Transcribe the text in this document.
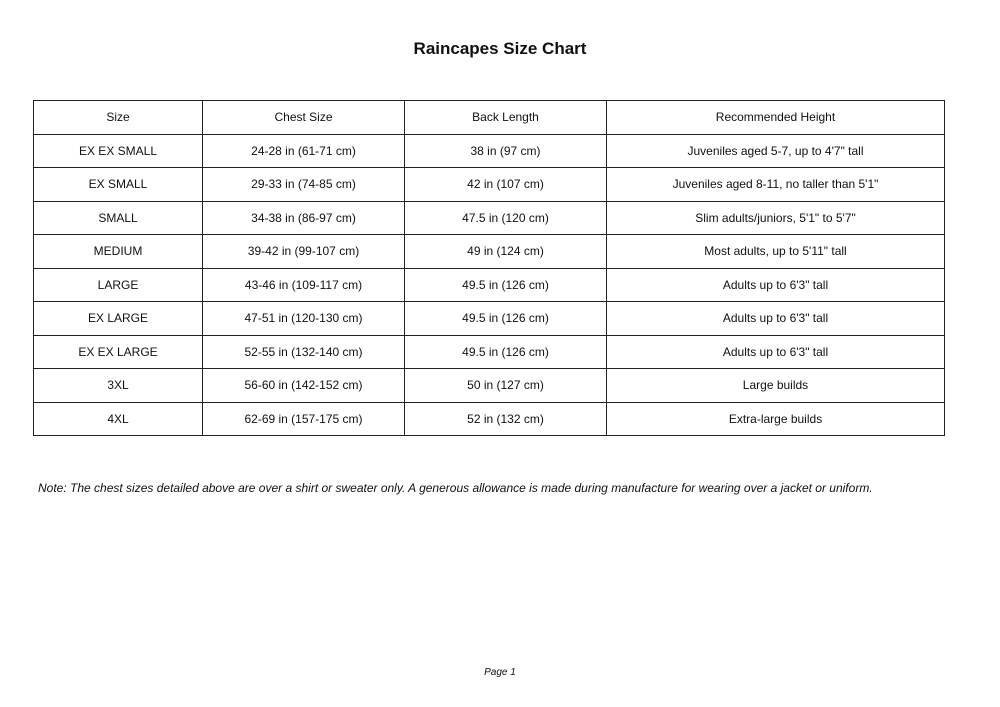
Raincapes Size Chart
Size	Chest Size	Back Length	Recommended Height
EX EX SMALL	24-28 in (61-71 cm)	38 in (97 cm)	Juveniles aged 5-7, up to 4'7" tall
EX SMALL	29-33 in (74-85 cm)	42 in (107 cm)	Juveniles aged 8-11, no taller than 5'1"
SMALL	34-38 in (86-97 cm)	47.5 in (120 cm)	Slim adults/juniors, 5'1" to 5'7"
MEDIUM	39-42 in (99-107 cm)	49 in (124 cm)	Most adults, up to 5'11" tall
LARGE	43-46 in (109-117 cm)	49.5 in (126 cm)	Adults up to 6'3" tall
EX LARGE	47-51 in (120-130 cm)	49.5 in (126 cm)	Adults up to 6'3" tall
EX EX LARGE	52-55 in (132-140 cm)	49.5 in (126 cm)	Adults up to 6'3" tall
3XL	56-60 in (142-152 cm)	50 in (127 cm)	Large builds
4XL	62-69 in (157-175 cm)	52 in (132 cm)	Extra-large builds
Note: The chest sizes detailed above are over a shirt or sweater only. A generous allowance is made during manufacture for wearing over a jacket or uniform.
Page 1
